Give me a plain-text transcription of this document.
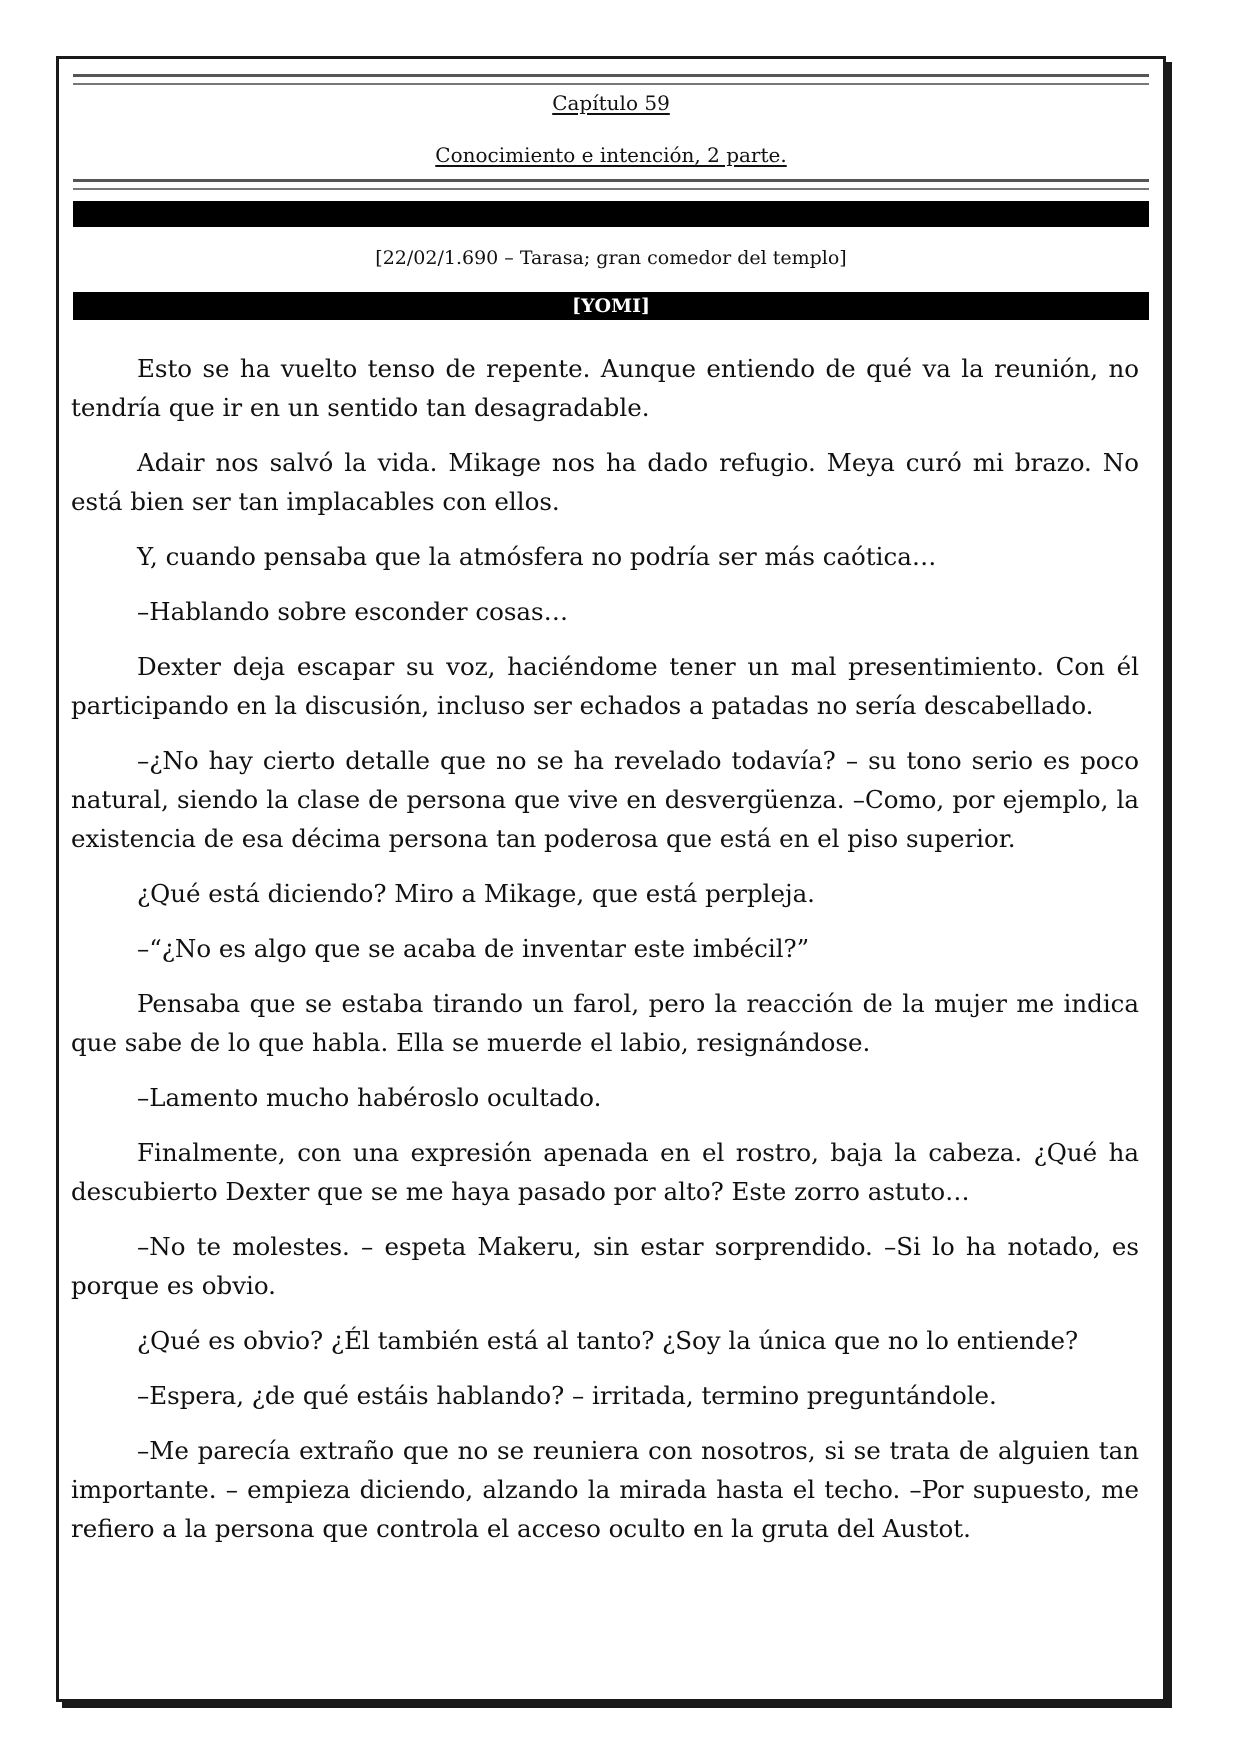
Capítulo 59
Conocimiento e intención, 2 parte.
[22/02/1.690 – Tarasa; gran comedor del templo]
[YOMI]

Esto se ha vuelto tenso de repente. Aunque entiendo de qué va la reunión, no tendría que ir en un sentido tan desagradable.

Adair nos salvó la vida. Mikage nos ha dado refugio. Meya curó mi brazo. No está bien ser tan implacables con ellos.

Y, cuando pensaba que la atmósfera no podría ser más caótica…

–Hablando sobre esconder cosas…

Dexter deja escapar su voz, haciéndome tener un mal presentimiento. Con él participando en la discusión, incluso ser echados a patadas no sería descabellado.

–¿No hay cierto detalle que no se ha revelado todavía? – su tono serio es poco natural, siendo la clase de persona que vive en desvergüenza. –Como, por ejemplo, la existencia de esa décima persona tan poderosa que está en el piso superior.

¿Qué está diciendo? Miro a Mikage, que está perpleja.

–“¿No es algo que se acaba de inventar este imbécil?”

Pensaba que se estaba tirando un farol, pero la reacción de la mujer me indica que sabe de lo que habla. Ella se muerde el labio, resignándose.

–Lamento mucho habéroslo ocultado.

Finalmente, con una expresión apenada en el rostro, baja la cabeza. ¿Qué ha descubierto Dexter que se me haya pasado por alto? Este zorro astuto…

–No te molestes. – espeta Makeru, sin estar sorprendido. –Si lo ha notado, es porque es obvio.

¿Qué es obvio? ¿Él también está al tanto? ¿Soy la única que no lo entiende?

–Espera, ¿de qué estáis hablando? – irritada, termino preguntándole.

–Me parecía extraño que no se reuniera con nosotros, si se trata de alguien tan importante. – empieza diciendo, alzando la mirada hasta el techo. –Por supuesto, me refiero a la persona que controla el acceso oculto en la gruta del Austot.
